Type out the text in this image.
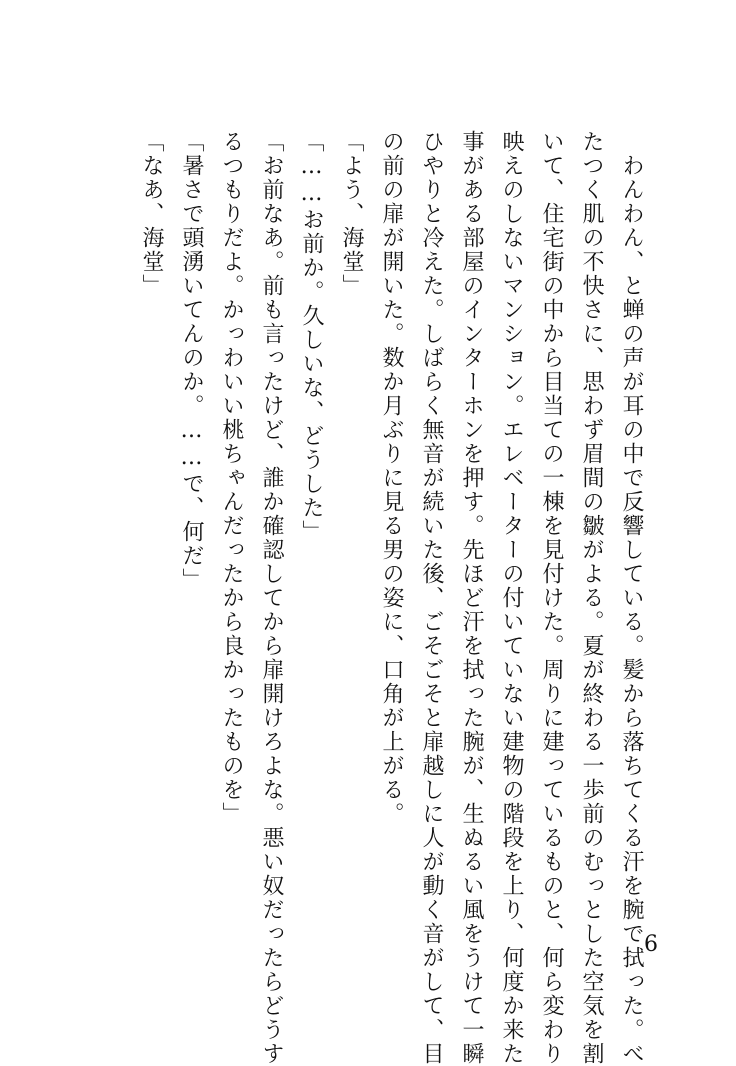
　わんわん、と蝉の声が耳の中で反響している。髪から落ちてくる汗を腕で拭った。べ
たつく肌の不快さに、思わず眉間の皺がよる。夏が終わる一歩前のむっとした空気を割
いて、住宅街の中から目当ての一棟を見付けた。周りに建っているものと、何ら変わり
映えのしないマンション。エレベーターの付いていない建物の階段を上り、何度か来た
事がある部屋のインターホンを押す。先ほど汗を拭った腕が、生ぬるい風をうけて一瞬
ひやりと冷えた。しばらく無音が続いた後、ごそごそと扉越しに人が動く音がして、目
の前の扉が開いた。数か月ぶりに見る男の姿に、口角が上がる。
「よう、海堂」
「……お前か。久しいな、どうした」
「お前なあ。前も言ったけど、誰か確認してから扉開けろよな。悪い奴だったらどうす
るつもりだよ。かっわいい桃ちゃんだったから良かったものを」
「暑さで頭湧いてんのか。……で、何だ」
「なあ、海堂」
6
